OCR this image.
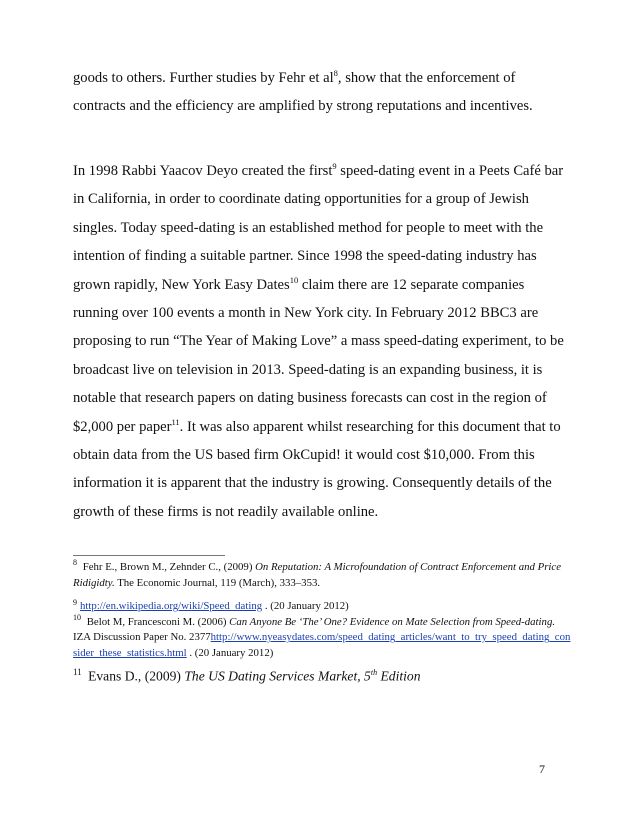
goods to others. Further studies by Fehr et al$^8$, show that the enforcement of contracts and the efficiency are amplified by strong reputations and incentives.

In 1998 Rabbi Yaacov Deyo created the first$^9$ speed-dating event in a Peets Café bar in California, in order to coordinate dating opportunities for a group of Jewish singles. Today speed-dating is an established method for people to meet with the intention of finding a suitable partner. Since 1998 the speed-dating industry has grown rapidly, New York Easy Dates$^{10}$ claim there are 12 separate companies running over 100 events a month in New York city. In February 2012 BBC3 are proposing to run “The Year of Making Love” a mass speed-dating experiment, to be broadcast live on television in 2013. Speed-dating is an expanding business, it is notable that research papers on dating business forecasts can cost in the region of $2,000 per paper$^{11}$. It was also apparent whilst researching for this document that to obtain data from the US based firm OkCupid! it would cost $10,000. From this information it is apparent that the industry is growing. Consequently details of the growth of these firms is not readily available online.

$^8$ Fehr E., Brown M., Zehnder C., (2009) On Reputation: A Microfoundation of Contract Enforcement and Price Ridigidty. The Economic Journal, 119 (March), 333–353.

$^9$ http://en.wikipedia.org/wiki/Speed_dating . (20 January 2012)

$^{10}$ Belot M, Francesconi M. (2006) Can Anyone Be ‘The’ One? Evidence on Mate Selection from Speed-dating. IZA Discussion Paper No. 2377http://www.nyeasydates.com/speed_dating_articles/want_to_try_speed_dating_consider_these_statistics.html . (20 January 2012)

$^{11}$ Evans D., (2009) The US Dating Services Market, 5th Edition

7
